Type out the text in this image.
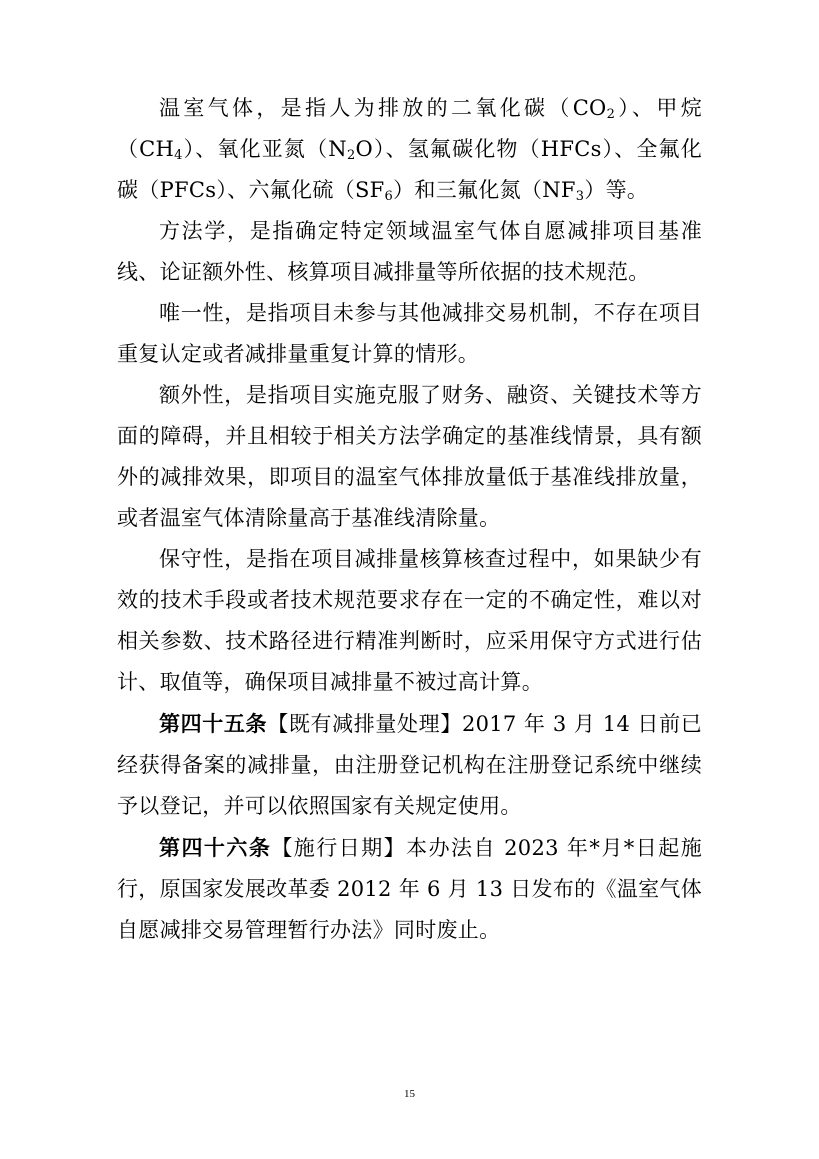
温室气体，是指人为排放的二氧化碳$(CO_2)$、甲烷$(CH_4)$、氧化亚氮$(N_2O)$、氢氟碳化物（HFCs）、全氟化碳（PFCs）、六氟化硫$(SF_6)$和三氟化氮$(NF_3)$等。

方法学，是指确定特定领域温室气体自愿减排项目基准线、论证额外性、核算项目减排量等所依据的技术规范。

唯一性，是指项目未参与其他减排交易机制，不存在项目重复认定或者减排量重复计算的情形。

额外性，是指项目实施克服了财务、融资、关键技术等方面的障碍，并且相较于相关方法学确定的基准线情景，具有额外的减排效果，即项目的温室气体排放量低于基准线排放量，或者温室气体清除量高于基准线清除量。

保守性，是指在项目减排量核算核查过程中，如果缺少有效的技术手段或者技术规范要求存在一定的不确定性，难以对相关参数、技术路径进行精准判断时，应采用保守方式进行估计、取值等，确保项目减排量不被过高计算。

第四十五条【既有减排量处理】2017 年 3 月 14 日前已经获得备案的减排量，由注册登记机构在注册登记系统中继续予以登记，并可以依照国家有关规定使用。

第四十六条【施行日期】本办法自 2023 年*月*日起施行，原国家发展改革委 2012 年 6 月 13 日发布的《温室气体自愿减排交易管理暂行办法》同时废止。

15
